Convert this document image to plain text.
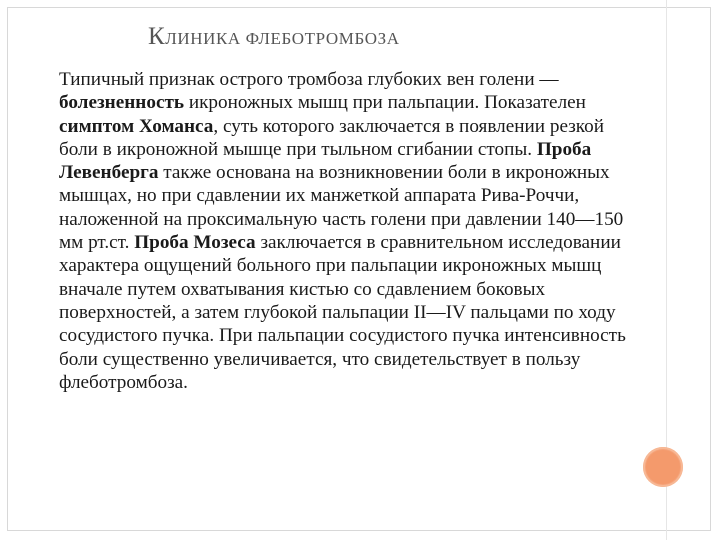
КЛИНИКА ФЛЕБОТРОМБОЗА

Типичный признак острого тромбоза глубоких вен голени — болезненность икроножных мышц при пальпации. Показателен симптом Хоманса, суть которого заключается в появлении резкой боли в икроножной мышце при тыльном сгибании стопы. Проба Левенберга также основана на возникновении боли в икроножных мышцах, но при сдавлении их манжеткой аппарата Рива-Роччи, наложенной на проксимальную часть голени при давлении 140—150 мм рт.ст. Проба Мозеса заключается в сравнительном исследовании характера ощущений больного при пальпации икроножных мышц вначале путем охватывания кистью со сдавлением боковых поверхностей, а затем глубокой пальпации II—IV пальцами по ходу сосудистого пучка. При пальпации сосудистого пучка интенсивность боли существенно увеличивается, что свидетельствует в пользу флеботромбоза.
